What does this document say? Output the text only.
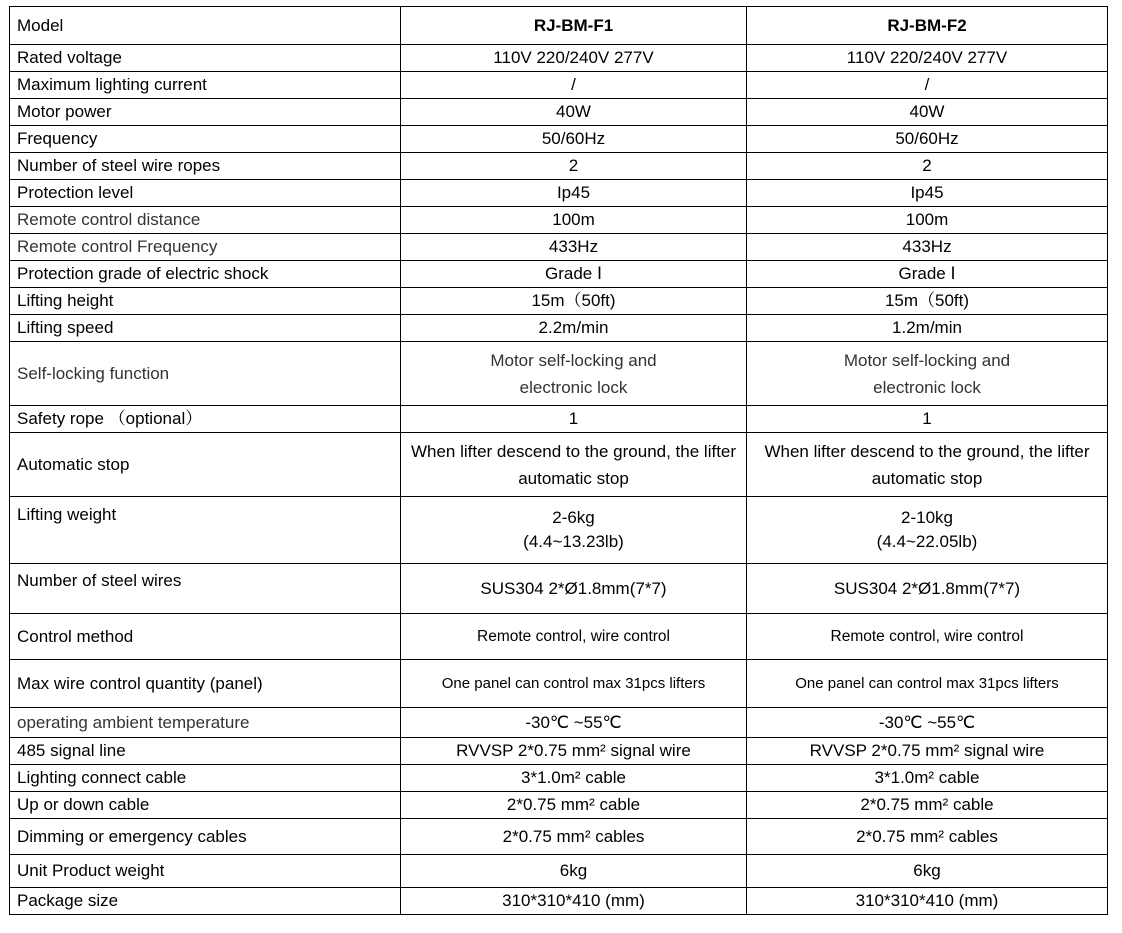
Model	RJ-BM-F1	RJ-BM-F2
Rated voltage	110V 220/240V 277V	110V 220/240V 277V
Maximum lighting current	/	/
Motor power	40W	40W
Frequency	50/60Hz	50/60Hz
Number of steel wire ropes	2	2
Protection level	Ip45	Ip45
Remote control distance	100m	100m
Remote control Frequency	433Hz	433Hz
Protection grade of electric shock	Grade Ⅰ	Grade Ⅰ
Lifting height	15m（50ft)	15m（50ft)
Lifting speed	2.2m/min	1.2m/min
Self-locking function	Motor self-locking and electronic lock	Motor self-locking and electronic lock
Safety rope （optional）	1	1
Automatic stop	When lifter descend to the ground, the lifter automatic stop	When lifter descend to the ground, the lifter automatic stop
Lifting weight	2-6kg (4.4~13.23lb)	2-10kg (4.4~22.05lb)
Number of steel wires	SUS304 2*Ø1.8mm(7*7)	SUS304 2*Ø1.8mm(7*7)
Control method	Remote control, wire control	Remote control, wire control
Max wire control quantity (panel)	One panel can control max 31pcs lifters	One panel can control max 31pcs lifters
operating ambient temperature	-30℃ ~55℃	-30℃ ~55℃
485 signal line	RVVSP 2*0.75 mm² signal wire	RVVSP 2*0.75 mm² signal wire
Lighting connect cable	3*1.0m² cable	3*1.0m² cable
Up or down cable	2*0.75 mm² cable	2*0.75 mm² cable
Dimming or emergency cables	2*0.75 mm² cables	2*0.75 mm² cables
Unit Product weight	6kg	6kg
Package size	310*310*410 (mm)	310*310*410 (mm)
